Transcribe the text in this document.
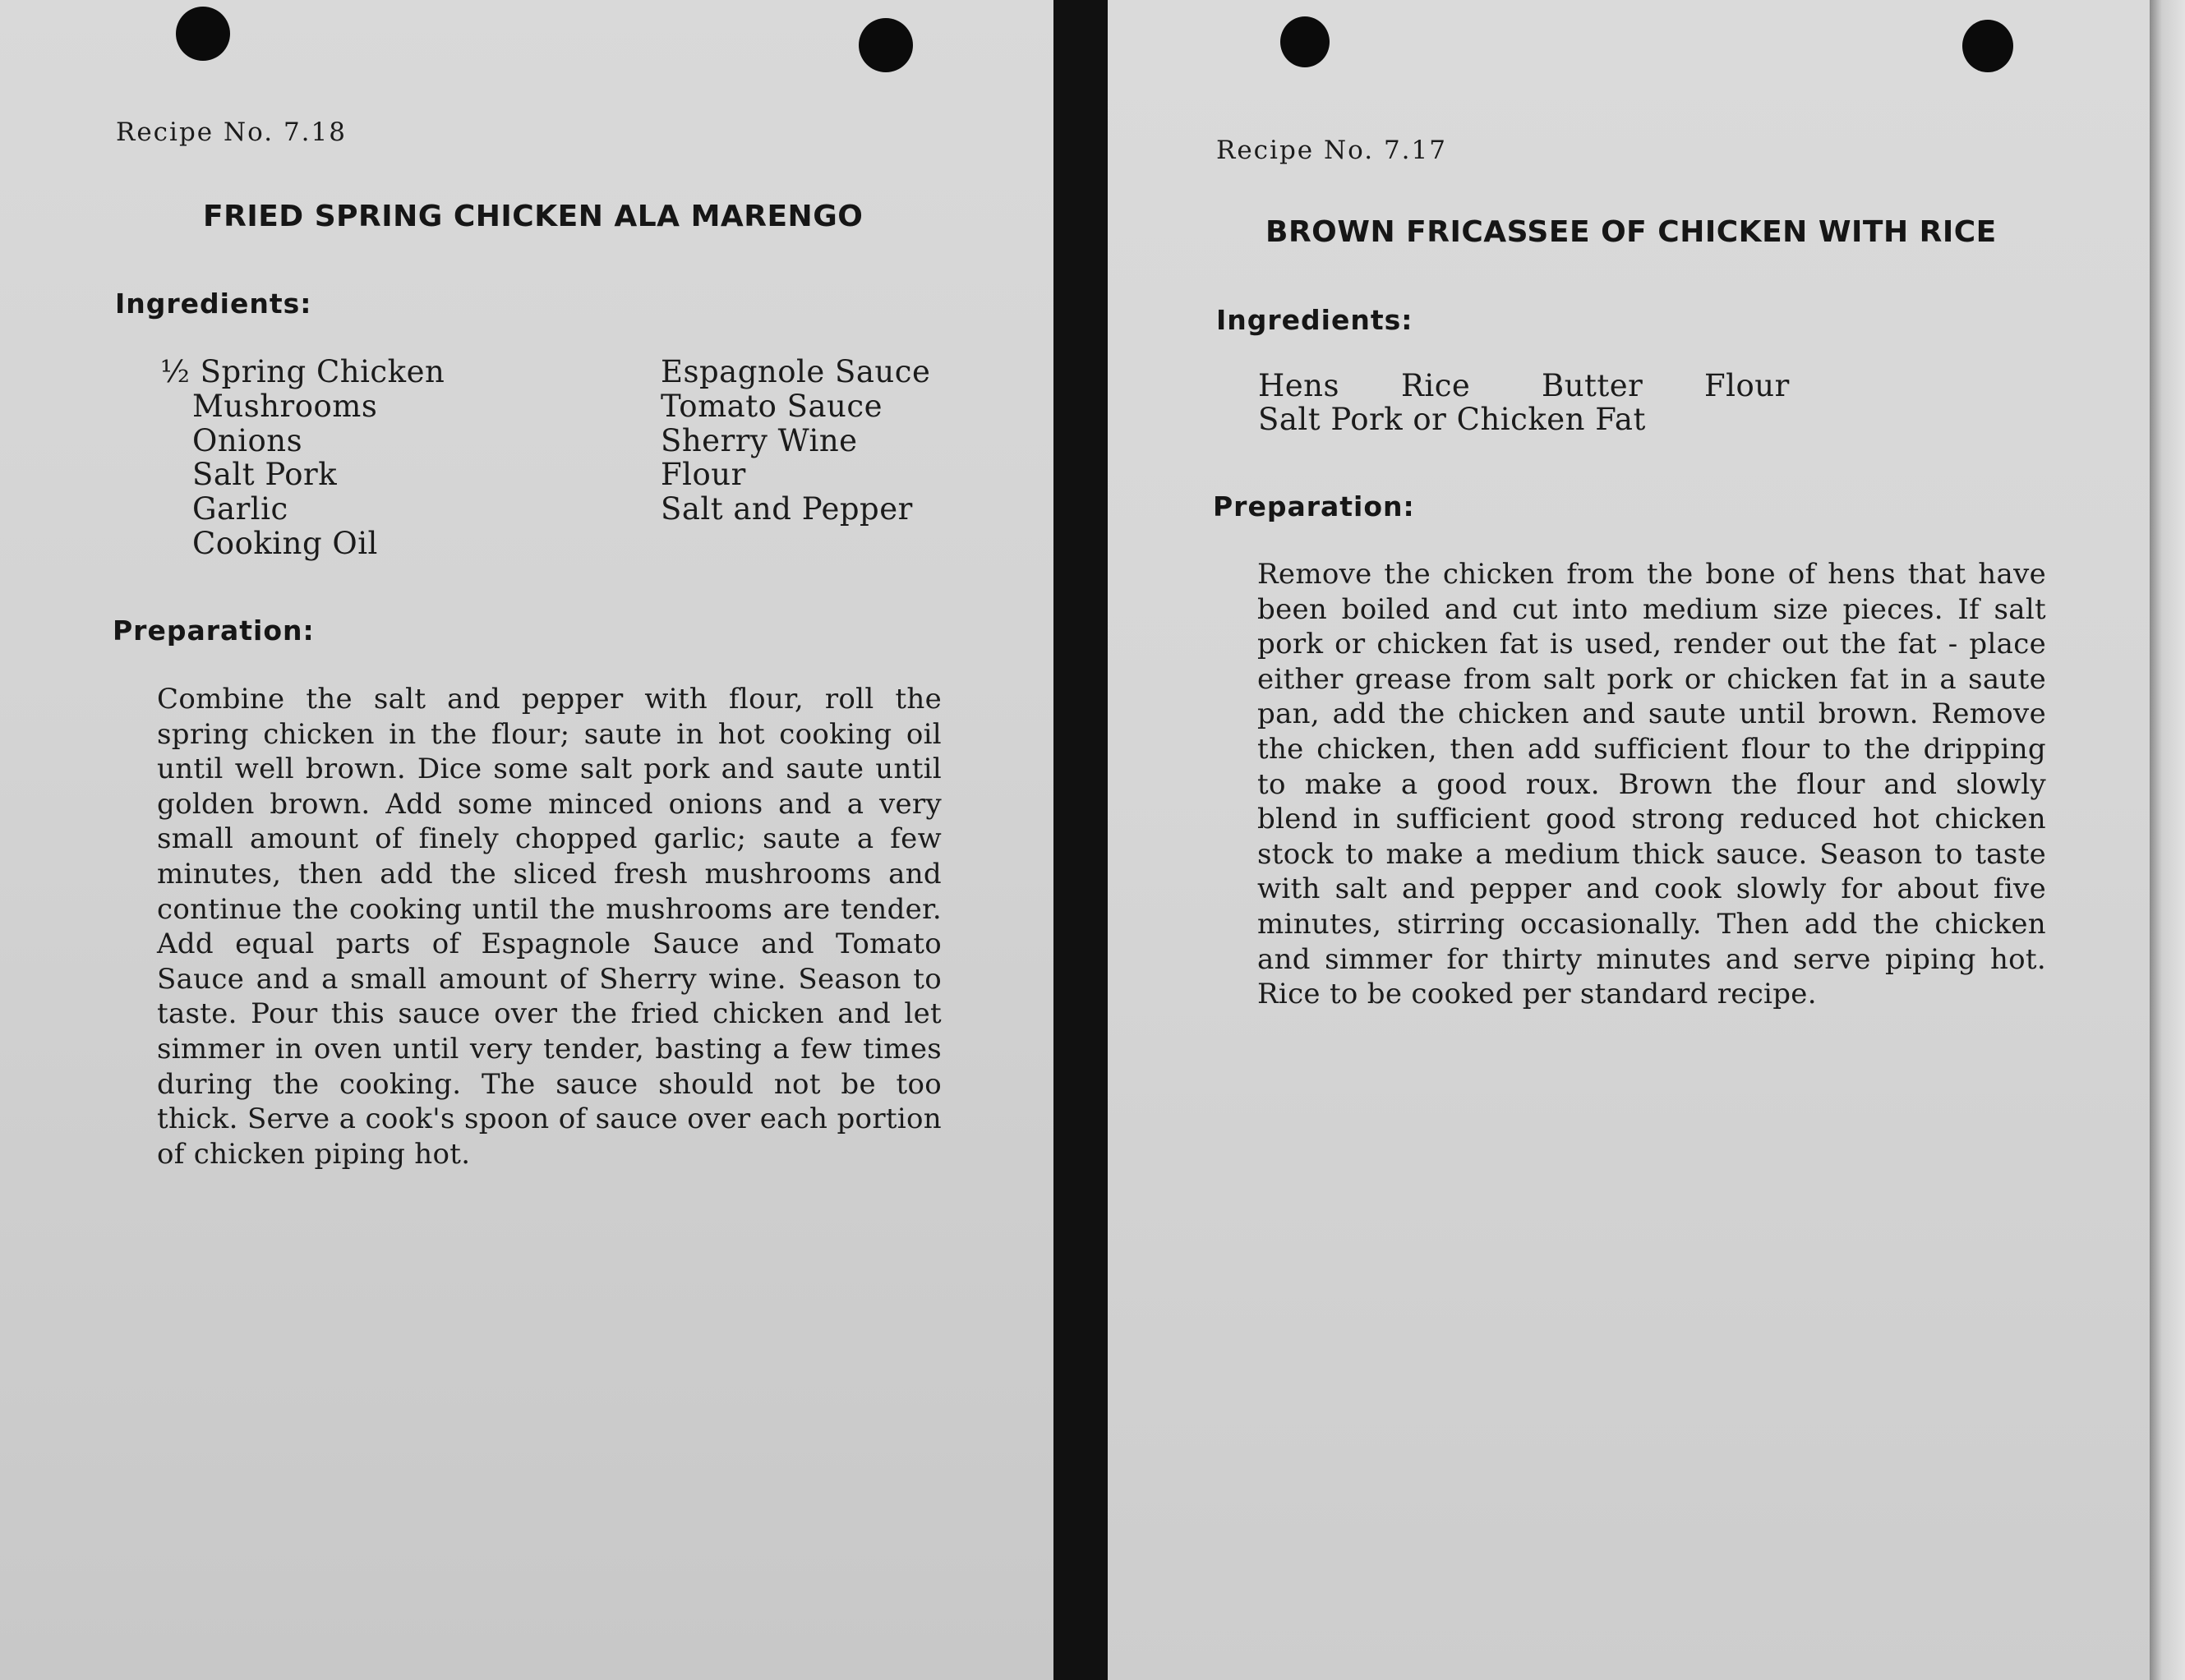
Recipe No. 7.18
FRIED SPRING CHICKEN ALA MARENGO
Ingredients:
½ Spring Chicken
Mushrooms
Onions
Salt Pork
Garlic
Cooking Oil
Espagnole Sauce
Tomato Sauce
Sherry Wine
Flour
Salt and Pepper
Preparation:
Combine the salt and pepper with flour, roll the spring chicken in the flour; saute in hot cooking oil until well brown. Dice some salt pork and saute until golden brown. Add some minced onions and a very small amount of finely chopped garlic; saute a few minutes, then add the sliced fresh mushrooms and continue the cooking until the mushrooms are tender. Add equal parts of Espagnole Sauce and Tomato Sauce and a small amount of Sherry wine. Season to taste. Pour this sauce over the fried chicken and let simmer in oven until very tender, basting a few times during the cooking. The sauce should not be too thick. Serve a cook's spoon of sauce over each portion of chicken piping hot.
Recipe No. 7.17
BROWN FRICASSEE OF CHICKEN WITH RICE
Ingredients:
Hens Rice Butter Flour
Salt Pork or Chicken Fat
Preparation:
Remove the chicken from the bone of hens that have been boiled and cut into medium size pieces. If salt pork or chicken fat is used, render out the fat - place either grease from salt pork or chicken fat in a saute pan, add the chicken and saute until brown. Remove the chicken, then add sufficient flour to the dripping to make a good roux. Brown the flour and slowly blend in sufficient good strong reduced hot chicken stock to make a medium thick sauce. Season to taste with salt and pepper and cook slowly for about five minutes, stirring occasionally. Then add the chicken and simmer for thirty minutes and serve piping hot. Rice to be cooked per standard recipe.
